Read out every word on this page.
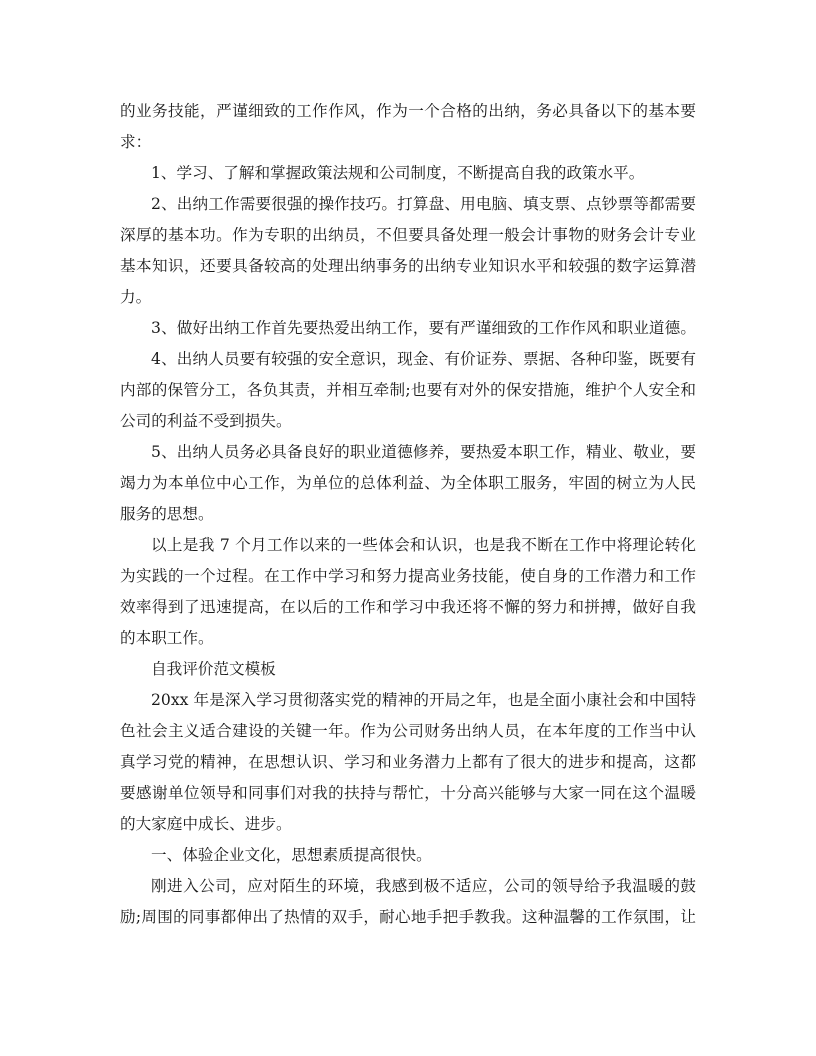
的业务技能，严谨细致的工作作风，作为一个合格的出纳，务必具备以下的基本要
求：
1、学习、了解和掌握政策法规和公司制度，不断提高自我的政策水平。
2、出纳工作需要很强的操作技巧。打算盘、用电脑、填支票、点钞票等都需要
深厚的基本功。作为专职的出纳员，不但要具备处理一般会计事物的财务会计专业
基本知识，还要具备较高的处理出纳事务的出纳专业知识水平和较强的数字运算潜
力。
3、做好出纳工作首先要热爱出纳工作，要有严谨细致的工作作风和职业道德。
4、出纳人员要有较强的安全意识，现金、有价证券、票据、各种印鉴，既要有
内部的保管分工，各负其责，并相互牵制;也要有对外的保安措施，维护个人安全和
公司的利益不受到损失。
5、出纳人员务必具备良好的职业道德修养，要热爱本职工作，精业、敬业，要
竭力为本单位中心工作，为单位的总体利益、为全体职工服务，牢固的树立为人民
服务的思想。
以上是我 7 个月工作以来的一些体会和认识，也是我不断在工作中将理论转化
为实践的一个过程。在工作中学习和努力提高业务技能，使自身的工作潜力和工作
效率得到了迅速提高，在以后的工作和学习中我还将不懈的努力和拼搏，做好自我
的本职工作。
自我评价范文模板
20xx 年是深入学习贯彻落实党的精神的开局之年，也是全面小康社会和中国特
色社会主义适合建设的关键一年。作为公司财务出纳人员，在本年度的工作当中认
真学习党的精神，在思想认识、学习和业务潜力上都有了很大的进步和提高，这都
要感谢单位领导和同事们对我的扶持与帮忙，十分高兴能够与大家一同在这个温暖
的大家庭中成长、进步。
一、体验企业文化，思想素质提高很快。
刚进入公司，应对陌生的环境，我感到极不适应，公司的领导给予我温暖的鼓
励;周围的同事都伸出了热情的双手，耐心地手把手教我。这种温馨的工作氛围，让
